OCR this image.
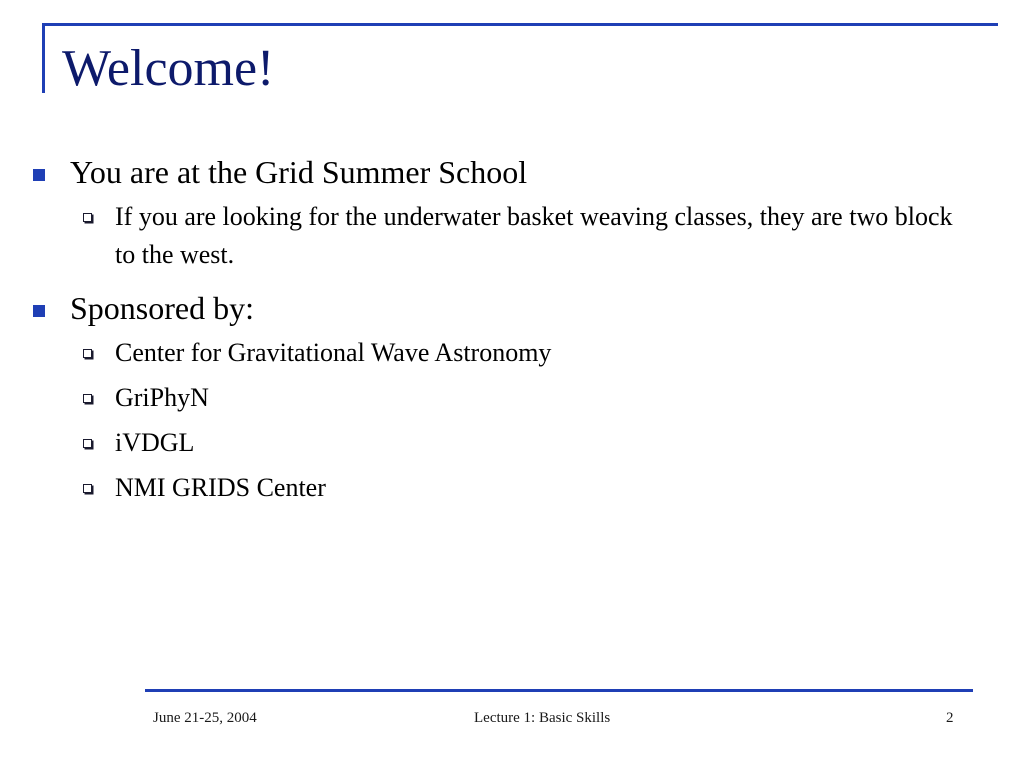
Welcome!
You are at the Grid Summer School
If you are looking for the underwater basket weaving classes, they are two block to the west.
Sponsored by:
Center for Gravitational Wave Astronomy
GriPhyN
iVDGL
NMI GRIDS Center
June 21-25, 2004	Lecture 1: Basic Skills	2
